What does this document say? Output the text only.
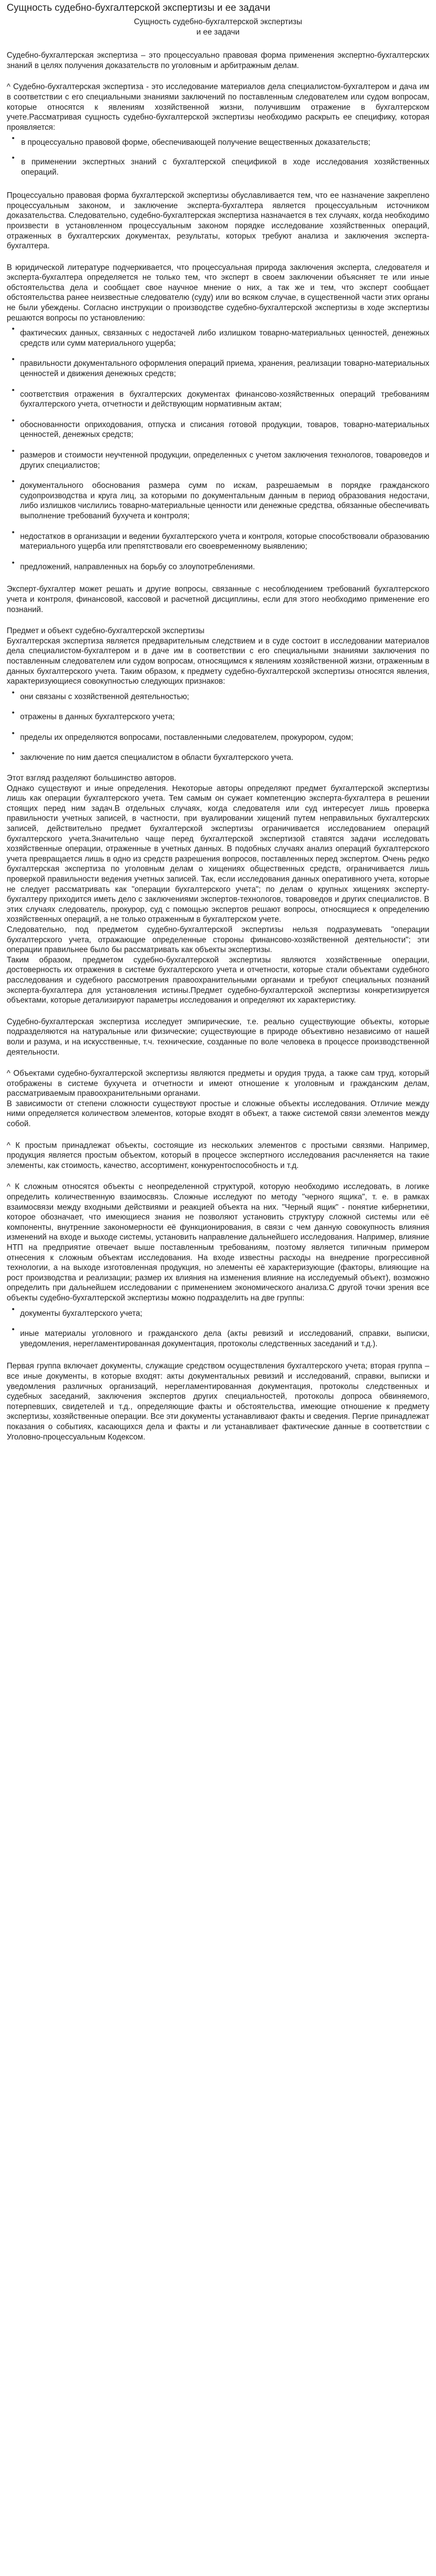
Сущность судебно-бухгалтерской экспертизы и ее задачи

Сущность судебно-бухгалтерской экспертизы
и ее задачи

Судебно-бухгалтерская экспертиза – это процессуально правовая форма применения экспертно-бухгалтерских знаний в целях получения доказательств по уголовным и арбитражным делам.

^ Судебно-бухгалтерская экспертиза - это исследование материалов дела специалистом-бухгалтером и дача им в соответствии с его специальными знаниями заключений по поставленным следователем или судом вопросам, которые относятся к явлениям хозяйственной жизни, получившим отражение в бухгалтерском учете.Рассматривая сущность судебно-бухгалтерской экспертизы необходимо раскрыть ее специфику, которая проявляется:

• в процессуально правовой форме, обеспечивающей получение вещественных доказательств;
• в применении экспертных знаний с бухгалтерской спецификой в ходе исследования хозяйственных операций.

Процессуально правовая форма бухгалтерской экспертизы обуславливается тем, что ее назначение закреплено процессуальным законом, и заключение эксперта-бухгалтера является процессуальным источником доказательства. Следовательно, судебно-бухгалтерская экспертиза назначается в тех случаях, когда необходимо произвести в установленном процессуальным законом порядке исследование хозяйственных операций, отраженных в бухгалтерских документах, результаты, которых требуют анализа и заключения эксперта-бухгалтера.

В юридической литературе подчеркивается, что процессуальная природа заключения эксперта, следователя и эксперта-бухгалтера определяется не только тем, что эксперт в своем заключении объясняет те или иные обстоятельства дела и сообщает свое научное мнение о них, а так же и тем, что эксперт сообщает обстоятельства ранее неизвестные следователю (суду) или во всяком случае, в существенной части этих органы не были убеждены. Согласно инструкции о производстве судебно-бухгалтерской экспертизы в ходе экспертизы решаются вопросы по установлению:

• фактических данных, связанных с недостачей либо излишком товарно-материальных ценностей, денежных средств или сумм материального ущерба;
• правильности документального оформления операций приема, хранения, реализации товарно-материальных ценностей и движения денежных средств;
• соответствия отражения в бухгалтерских документах финансово-хозяйственных операций требованиям бухгалтерского учета, отчетности и действующим нормативным актам;
• обоснованности оприходования, отпуска и списания готовой продукции, товаров, товарно-материальных ценностей, денежных средств;
• размеров и стоимости неучтенной продукции, определенных с учетом заключения технологов, товароведов и других специалистов;
• документального обоснования размера сумм по искам, разрешаемым в порядке гражданского судопроизводства и круга лиц, за которыми по документальным данным в период образования недостачи, либо излишков числились товарно-материальные ценности или денежные средства, обязанные обеспечивать выполнение требований бухучета и контроля;
• недостатков в организации и ведении бухгалтерского учета и контроля, которые способствовали образованию материального ущерба или препятствовали его своевременному выявлению;
• предложений, направленных на борьбу со злоупотреблениями.

Эксперт-бухгалтер может решать и другие вопросы, связанные с несоблюдением требований бухгалтерского учета и контроля, финансовой, кассовой и расчетной дисциплины, если для этого необходимо применение его познаний.

Предмет и объект судебно-бухгалтерской экспертизы
Бухгалтерская экспертиза является предварительным следствием и в суде состоит в исследовании материалов дела специалистом-бухгалтером и в даче им в соответствии с его специальными знаниями заключения по поставленным следователем или судом вопросам, относящимся к явлениям хозяйственной жизни, отраженным в данных бухгалтерского учета. Таким образом, к предмету судебно-бухгалтерской экспертизы относятся явления, характеризующиеся совокупностью следующих признаков:

• они связаны с хозяйственной деятельностью;
• отражены в данных бухгалтерского учета;
• пределы их определяются вопросами, поставленными следователем, прокурором, судом;
• заключение по ним дается специалистом в области бухгалтерского учета.

Этот взгляд разделяют большинство авторов.
Однако существуют и иные определения. Некоторые авторы определяют предмет бухгалтерской экспертизы лишь как операции бухгалтерского учета. Тем самым он сужает компетенцию эксперта-бухгалтера в решении стоящих перед ним задач.В отдельных случаях, когда следователя или суд интересует лишь проверка правильности учетных записей, в частности, при вуалировании хищений путем неправильных бухгалтерских записей, действительно предмет бухгалтерской экспертизы ограничивается исследованием операций бухгалтерского учета.Значительно чаще перед бухгалтерской экспертизой ставятся задачи исследовать хозяйственные операции, отраженные в учетных данных. В подобных случаях анализ операций бухгалтерского учета превращается лишь в одно из средств разрешения вопросов, поставленных перед экспертом. Очень редко бухгалтерская экспертиза по уголовным делам о хищениях общественных средств, ограничивается лишь проверкой правильности ведения учетных записей. Так, если исследования данных оперативного учета, которые не следует рассматривать как "операции бухгалтерского учета"; по делам о крупных хищениях эксперту-бухгалтеру приходится иметь дело с заключениями экспертов-технологов, товароведов и других специалистов. В этих случаях следователь, прокурор, суд с помощью экспертов решают вопросы, относящиеся к определению хозяйственных операций, а не только отраженным в бухгалтерском учете.
Следовательно, под предметом судебно-бухгалтерской экспертизы нельзя подразумевать "операции бухгалтерского учета, отражающие определенные стороны финансово-хозяйственной деятельности"; эти операции правильнее было бы рассматривать как объекты экспертизы.
Таким образом, предметом судебно-бухгалтерской экспертизы являются хозяйственные операции, достоверность их отражения в системе бухгалтерского учета и отчетности, которые стали объектами судебного расследования и судебного рассмотрения правоохранительными органами и требуют специальных познаний эксперта-бухгалтера для установления истины.Предмет судебно-бухгалтерской экспертизы конкретизируется объектами, которые детализируют параметры исследования и определяют их характеристику.

Судебно-бухгалтерская экспертиза исследует эмпирические, т.е. реально существующие объекты, которые подразделяются на натуральные или физические; существующие в природе объективно независимо от нашей воли и разума, и на искусственные, т.ч. технические, созданные по воле человека в процессе производственной деятельности.

^ Объектами судебно-бухгалтерской экспертизы являются предметы и орудия труда, а также сам труд, который отображены в системе бухучета и отчетности и имеют отношение к уголовным и гражданским делам, рассматриваемым правоохранительными органами.
В зависимости от степени сложности существуют простые и сложные объекты исследования. Отличие между ними определяется количеством элементов, которые входят в объект, а также системой связи элементов между собой.

^ К простым принадлежат объекты, состоящие из нескольких элементов с простыми связями. Например, продукция является простым объектом, который в процессе экспертного исследования расчленяется на такие элементы, как стоимость, качество, ассортимент, конкурентоспособность и т.д.

^ К сложным относятся объекты с неопределенной структурой, которую необходимо исследовать, в логике определить количественную взаимосвязь. Сложные исследуют по методу "черного ящика", т. е. в рамках взаимосвязи между входными действиями и реакцией объекта на них. "Черный ящик" - понятие кибернетики, которое обозначает, что имеющиеся знания не позволяют установить структуру сложной системы или её компоненты, внутренние закономерности её функционирования, в связи с чем данную совокупность влияния изменений на входе и выходе системы, установить направление дальнейшего исследования. Например, влияние НТП на предприятие отвечает выше поставленным требованиям, поэтому является типичным примером отнесения к сложным объектам исследования. На входе известны расходы на внедрение прогрессивной технологии, а на выходе изготовленная продукция, но элементы её характеризующие (факторы, влияющие на рост производства и реализации; размер их влияния на изменения влияние на исследуемый объект), возможно определить при дальнейшем исследовании с применением экономического анализа.С другой точки зрения все объекты судебно-бухгалтерской экспертизы можно подразделить на две группы:

• документы бухгалтерского учета;
• иные материалы уголовного и гражданского дела (акты ревизий и исследований, справки, выписки, уведомления, нерегламентированная документация, протоколы следственных заседаний и т.д.).

Первая группа включает документы, служащие средством осуществления бухгалтерского учета; вторая группа – все иные документы, в которые входят: акты документальных ревизий и исследований, справки, выписки и уведомления различных организаций, нерегламентированная документация, протоколы следственных и судебных заседаний, заключения экспертов других специальностей, протоколы допроса обвиняемого, потерпевших, свидетелей и т.д., определяющие факты и обстоятельства, имеющие отношение к предмету экспертизы, хозяйственные операции. Все эти документы устанавливают факты и сведения. Пергие принадлежат показания о событиях, касающихся дела и факты и ли устанавливает фактические данные в соответствии с Уголовно-процессуальным Кодексом.
